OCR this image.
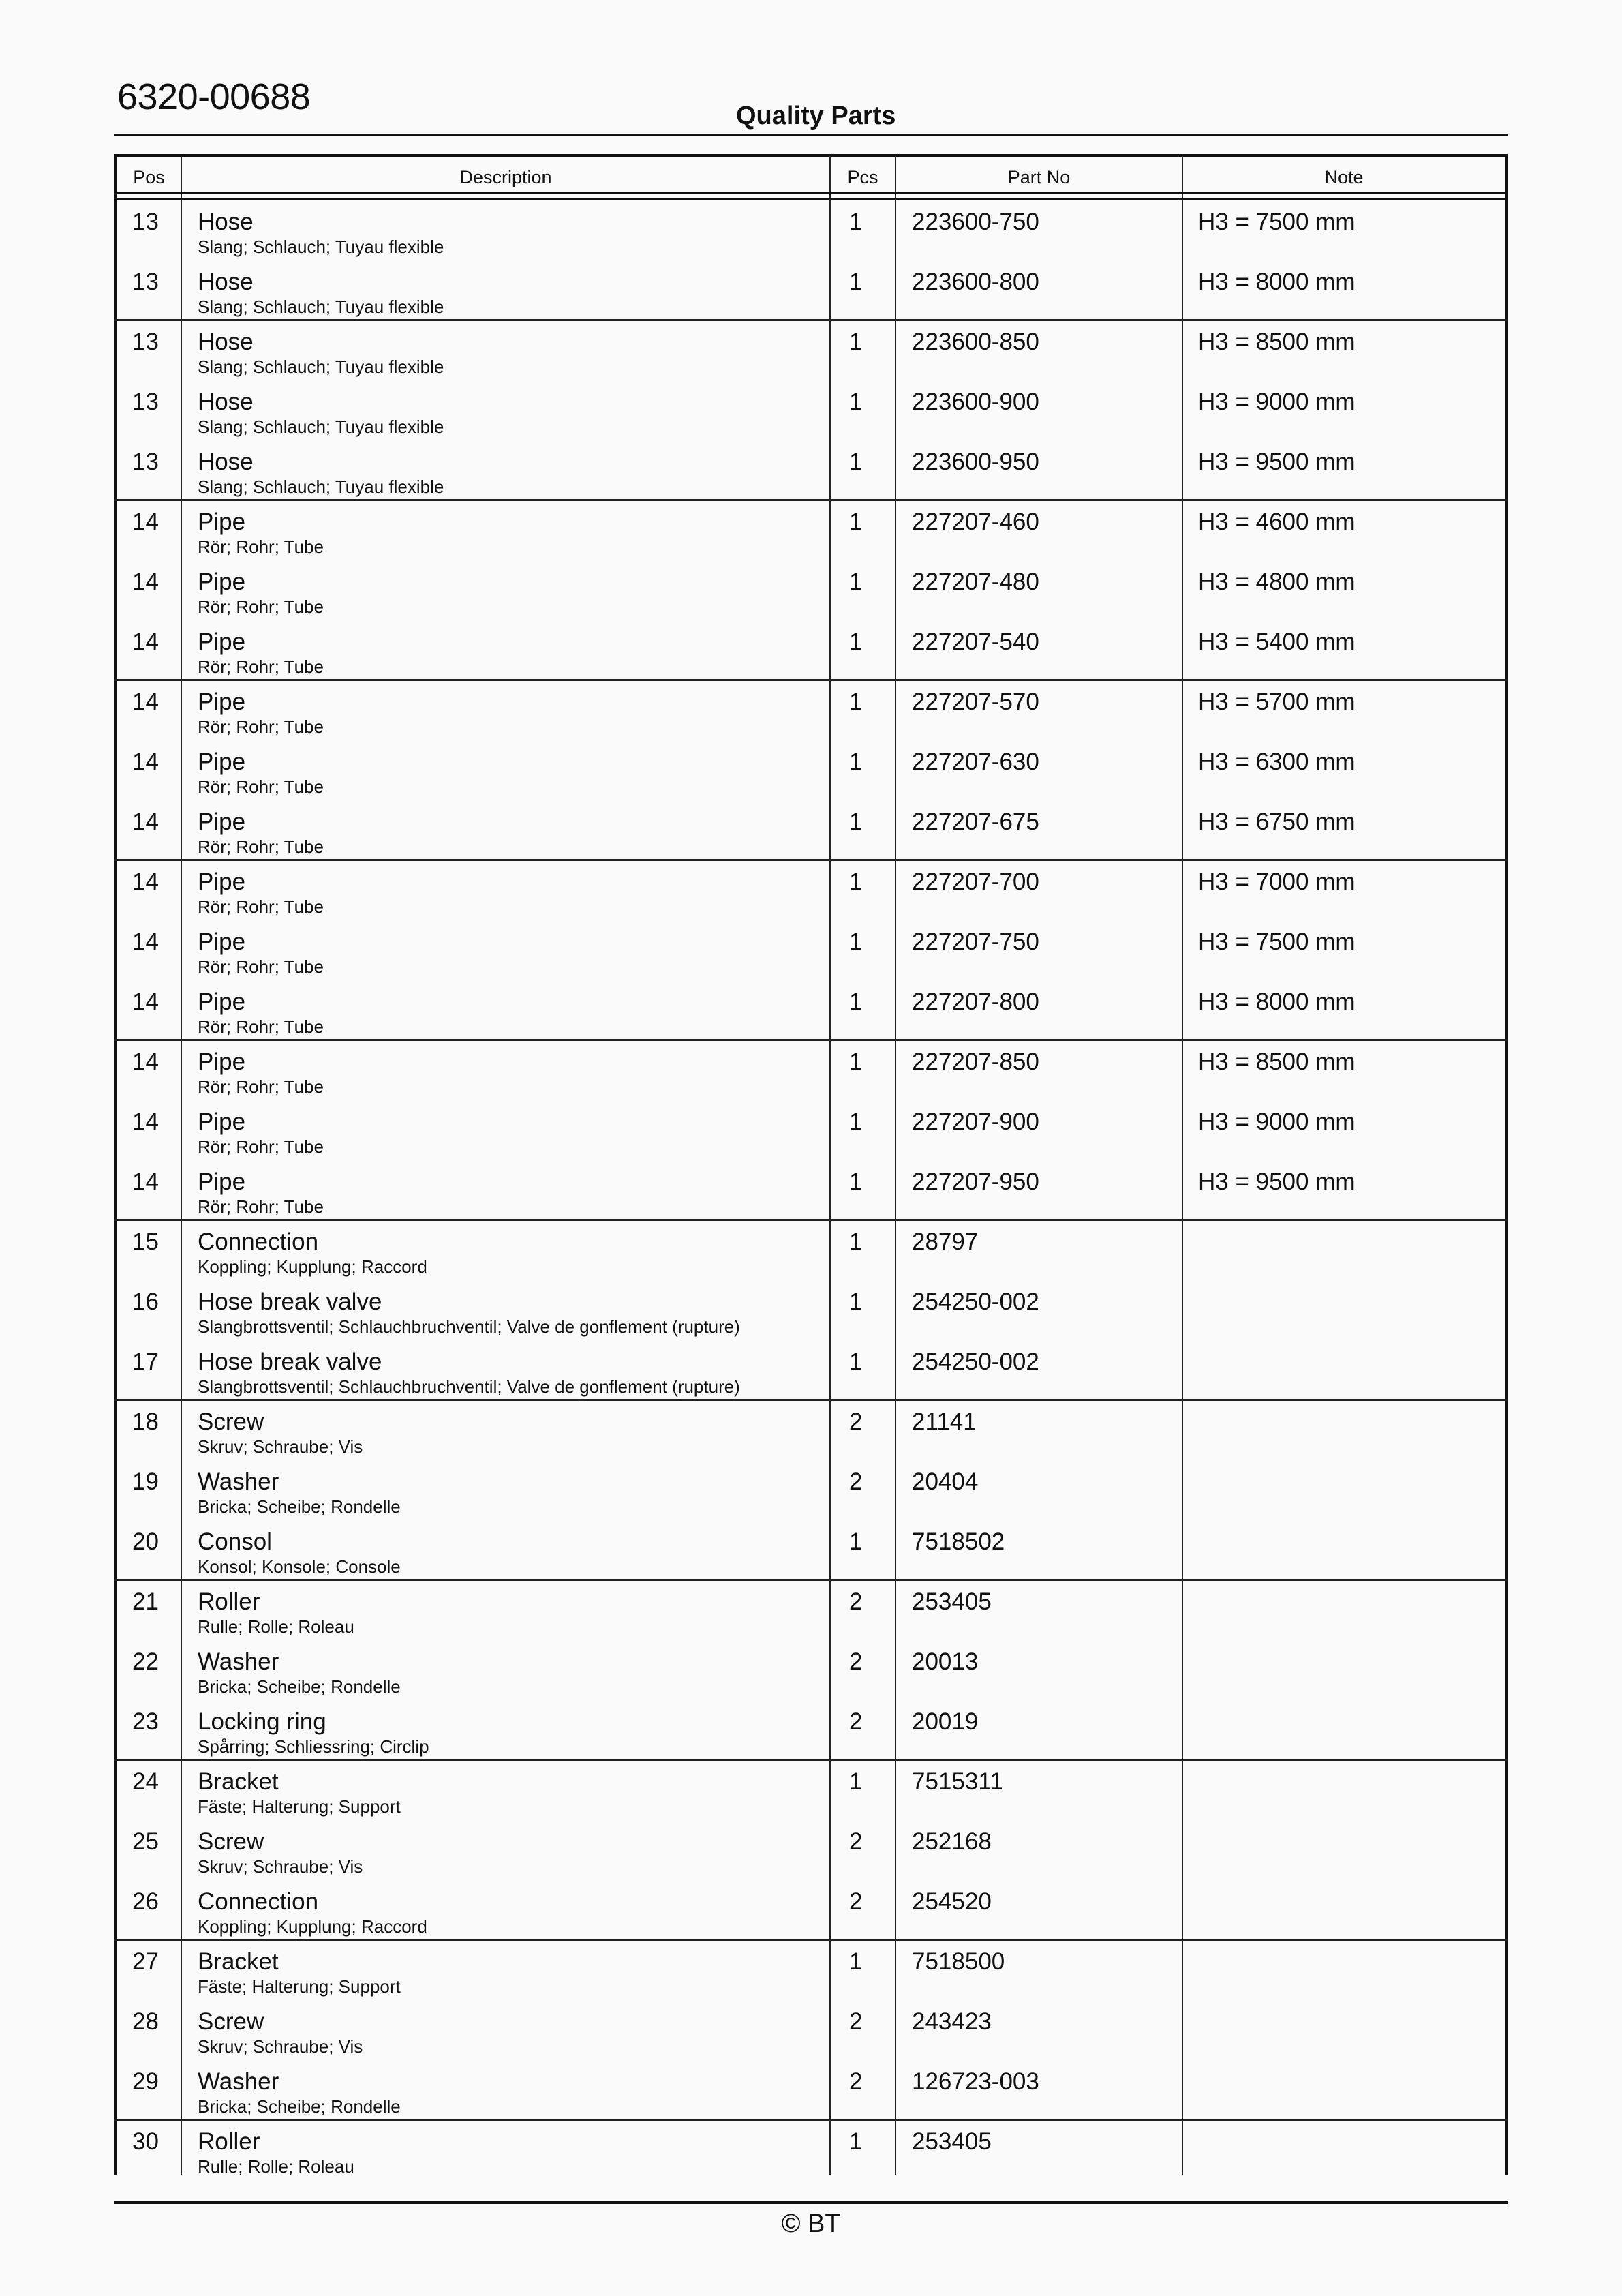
6320-00688	Quality Parts
Pos	Description	Pcs	Part No	Note
13	Hose
Slang; Schlauch; Tuyau flexible
1	223600-750	H3 = 7500 mm
13	Hose
Slang; Schlauch; Tuyau flexible
1	223600-800	H3 = 8000 mm
13	Hose
Slang; Schlauch; Tuyau flexible
1	223600-850	H3 = 8500 mm
13	Hose
Slang; Schlauch; Tuyau flexible
1	223600-900	H3 = 9000 mm
13	Hose
Slang; Schlauch; Tuyau flexible
1	223600-950	H3 = 9500 mm
14	Pipe
Rör; Rohr; Tube
1	227207-460	H3 = 4600 mm
14	Pipe
Rör; Rohr; Tube
1	227207-480	H3 = 4800 mm
14	Pipe
Rör; Rohr; Tube
1	227207-540	H3 = 5400 mm
14	Pipe
Rör; Rohr; Tube
1	227207-570	H3 = 5700 mm
14	Pipe
Rör; Rohr; Tube
1	227207-630	H3 = 6300 mm
14	Pipe
Rör; Rohr; Tube
1	227207-675	H3 = 6750 mm
14	Pipe
Rör; Rohr; Tube
1	227207-700	H3 = 7000 mm
14	Pipe
Rör; Rohr; Tube
1	227207-750	H3 = 7500 mm
14	Pipe
Rör; Rohr; Tube
1	227207-800	H3 = 8000 mm
14	Pipe
Rör; Rohr; Tube
1	227207-850	H3 = 8500 mm
14	Pipe
Rör; Rohr; Tube
1	227207-900	H3 = 9000 mm
14	Pipe
Rör; Rohr; Tube
1	227207-950	H3 = 9500 mm
15	Connection
Koppling; Kupplung; Raccord
1	28797
16	Hose break valve
Slangbrottsventil; Schlauchbruchventil; Valve de gonflement (rupture)
1	254250-002
17	Hose break valve
Slangbrottsventil; Schlauchbruchventil; Valve de gonflement (rupture)
1	254250-002
18	Screw
Skruv; Schraube; Vis
2	21141
19	Washer
Bricka; Scheibe; Rondelle
2	20404
20	Consol
Konsol; Konsole; Console
1	7518502
21	Roller
Rulle; Rolle; Roleau
2	253405
22	Washer
Bricka; Scheibe; Rondelle
2	20013
23	Locking ring
Spårring; Schliessring; Circlip
2	20019
24	Bracket
Fäste; Halterung; Support
1	7515311
25	Screw
Skruv; Schraube; Vis
2	252168
26	Connection
Koppling; Kupplung; Raccord
2	254520
27	Bracket
Fäste; Halterung; Support
1	7518500
28	Screw
Skruv; Schraube; Vis
2	243423
29	Washer
Bricka; Scheibe; Rondelle
2	126723-003
30	Roller
Rulle; Rolle; Roleau
1	253405
© BT
